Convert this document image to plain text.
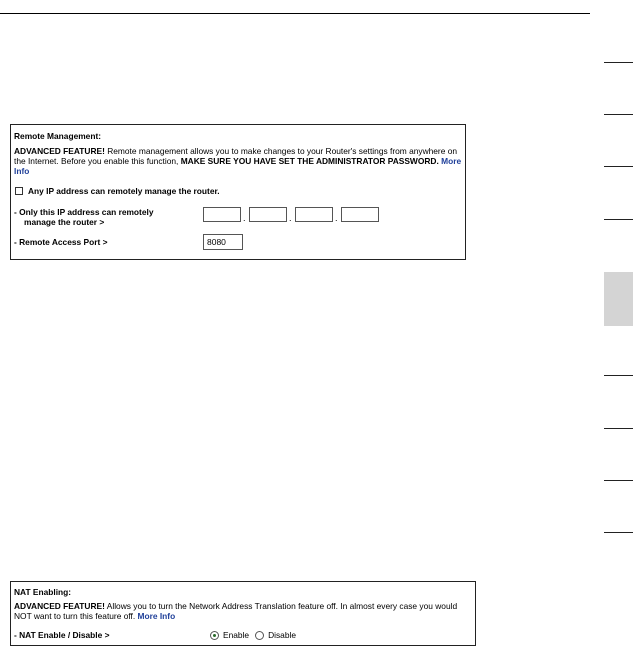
Remote Management:
ADVANCED FEATURE! Remote management allows you to make changes to your Router's settings from anywhere on the Internet. Before you enable this function, MAKE SURE YOU HAVE SET THE ADMINISTRATOR PASSWORD. More Info
Any IP address can remotely manage the router.
- Only this IP address can remotely
manage the router >	.	.	.
- Remote Access Port >	8080
NAT Enabling:
ADVANCED FEATURE! Allows you to turn the Network Address Translation feature off. In almost every case you would NOT want to turn this feature off. More Info
- NAT Enable / Disable >	Enable Disable
